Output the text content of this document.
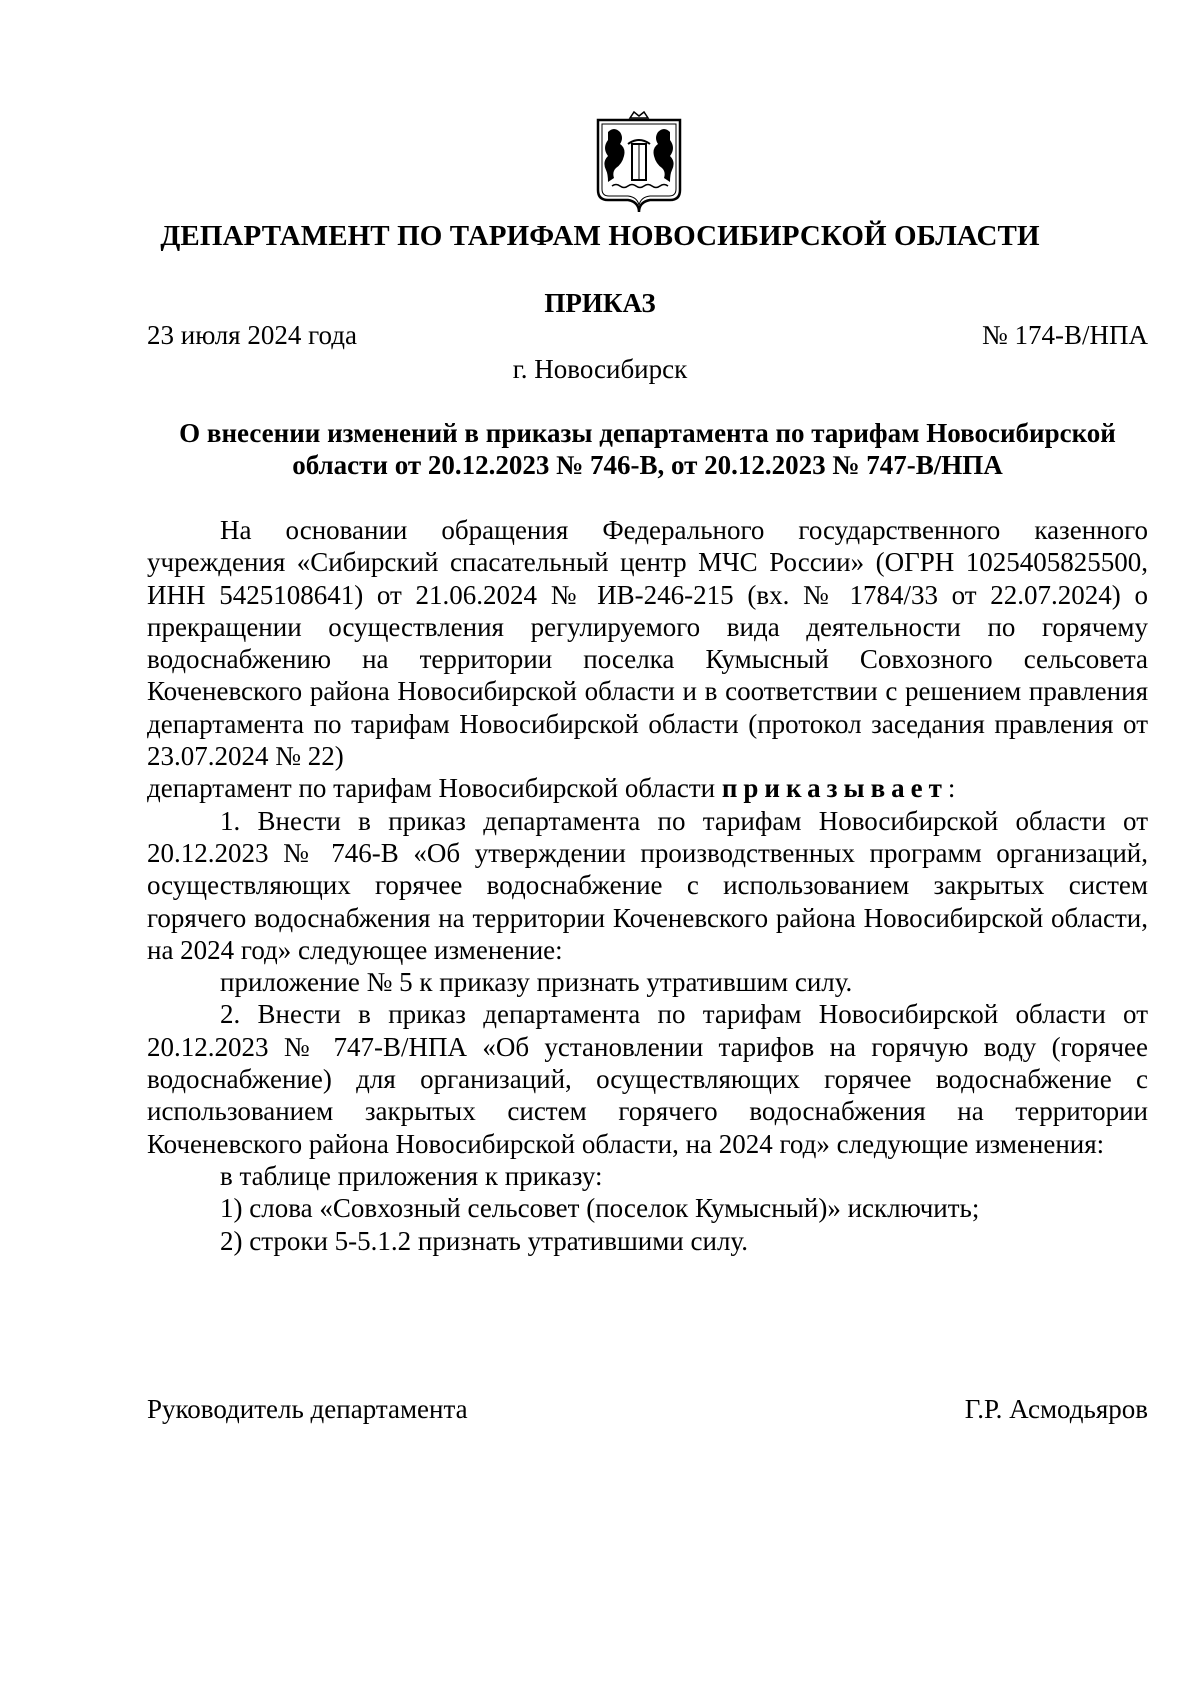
ДЕПАРТАМЕНТ ПО ТАРИФАМ НОВОСИБИРСКОЙ ОБЛАСТИ
ПРИКАЗ
23 июля 2024 года	№ 174-В/НПА
г. Новосибирск
О внесении изменений в приказы департамента по тарифам Новосибирской области от 20.12.2023 № 746-В, от 20.12.2023 № 747-В/НПА

На основании обращения Федерального государственного казенного учреждения «Сибирский спасательный центр МЧС России» (ОГРН 1025405825500, ИНН 5425108641) от 21.06.2024 № ИВ-246-215 (вх. № 1784/33 от 22.07.2024) о прекращении осуществления регулируемого вида деятельности по горячему водоснабжению на территории поселка Кумысный Совхозного сельсовета Коченевского района Новосибирской области и в соответствии с решением правления департамента по тарифам Новосибирской области (протокол заседания правления от 23.07.2024 № 22)

департамент по тарифам Новосибирской области приказывает:

1. Внести в приказ департамента по тарифам Новосибирской области от 20.12.2023 № 746-В «Об утверждении производственных программ организаций, осуществляющих горячее водоснабжение с использованием закрытых систем горячего водоснабжения на территории Коченевского района Новосибирской области, на 2024 год» следующее изменение:

приложение № 5 к приказу признать утратившим силу.

2. Внести в приказ департамента по тарифам Новосибирской области от 20.12.2023 № 747-В/НПА «Об установлении тарифов на горячую воду (горячее водоснабжение) для организаций, осуществляющих горячее водоснабжение с использованием закрытых систем горячего водоснабжения на территории Коченевского района Новосибирской области, на 2024 год» следующие изменения:

в таблице приложения к приказу:

1) слова «Совхозный сельсовет (поселок Кумысный)» исключить;

2) строки 5-5.1.2 признать утратившими силу.

Руководитель департамента	Г.Р. Асмодьяров
